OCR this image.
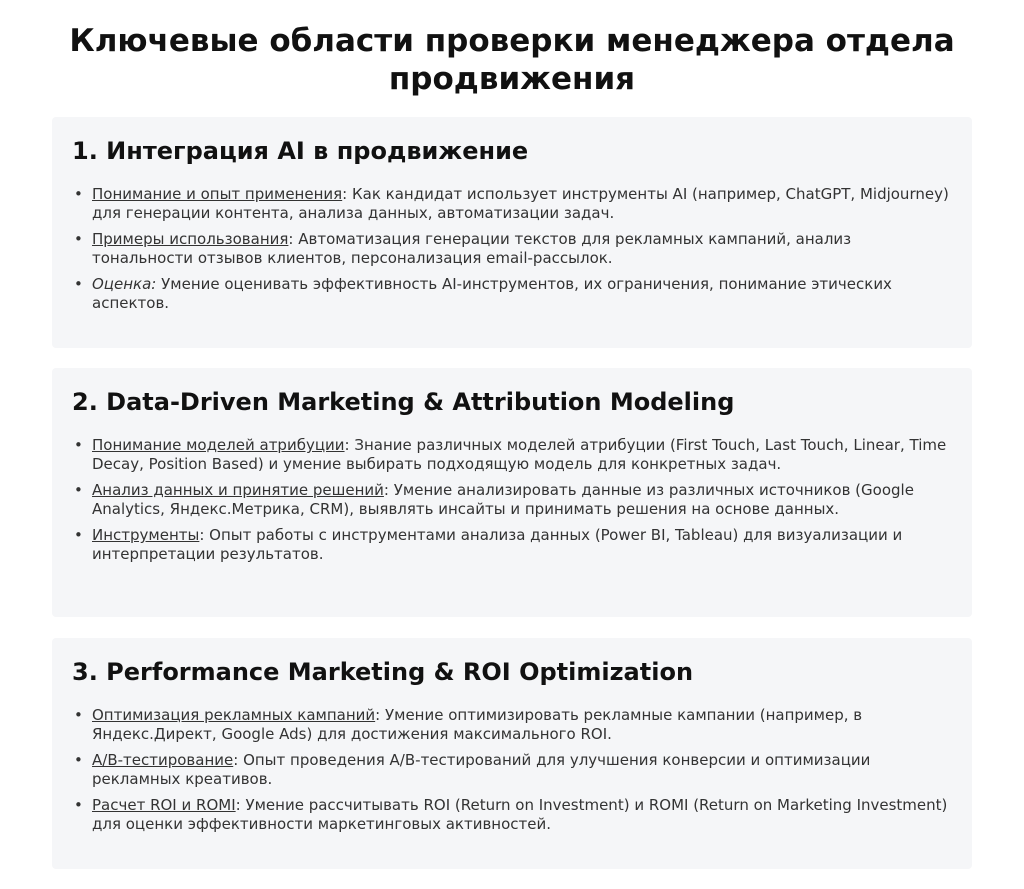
Ключевые области проверки менеджера отдела продвижения
1. Интеграция AI в продвижение
• Понимание и опыт применения: Как кандидат использует инструменты AI (например, ChatGPT, Midjourney) для генерации контента, анализа данных, автоматизации задач.
• Примеры использования: Автоматизация генерации текстов для рекламных кампаний, анализ тональности отзывов клиентов, персонализация email-рассылок.
• Оценка: Умение оценивать эффективность AI-инструментов, их ограничения, понимание этических аспектов.
2. Data-Driven Marketing & Attribution Modeling
• Понимание моделей атрибуции: Знание различных моделей атрибуции (First Touch, Last Touch, Linear, Time Decay, Position Based) и умение выбирать подходящую модель для конкретных задач.
• Анализ данных и принятие решений: Умение анализировать данные из различных источников (Google Analytics, Яндекс.Метрика, CRM), выявлять инсайты и принимать решения на основе данных.
• Инструменты: Опыт работы с инструментами анализа данных (Power BI, Tableau) для визуализации и интерпретации результатов.
3. Performance Marketing & ROI Optimization
• Оптимизация рекламных кампаний: Умение оптимизировать рекламные кампании (например, в Яндекс.Директ, Google Ads) для достижения максимального ROI.
• A/B-тестирование: Опыт проведения A/B-тестирований для улучшения конверсии и оптимизации рекламных креативов.
• Расчет ROI и ROMI: Умение рассчитывать ROI (Return on Investment) и ROMI (Return on Marketing Investment) для оценки эффективности маркетинговых активностей.
